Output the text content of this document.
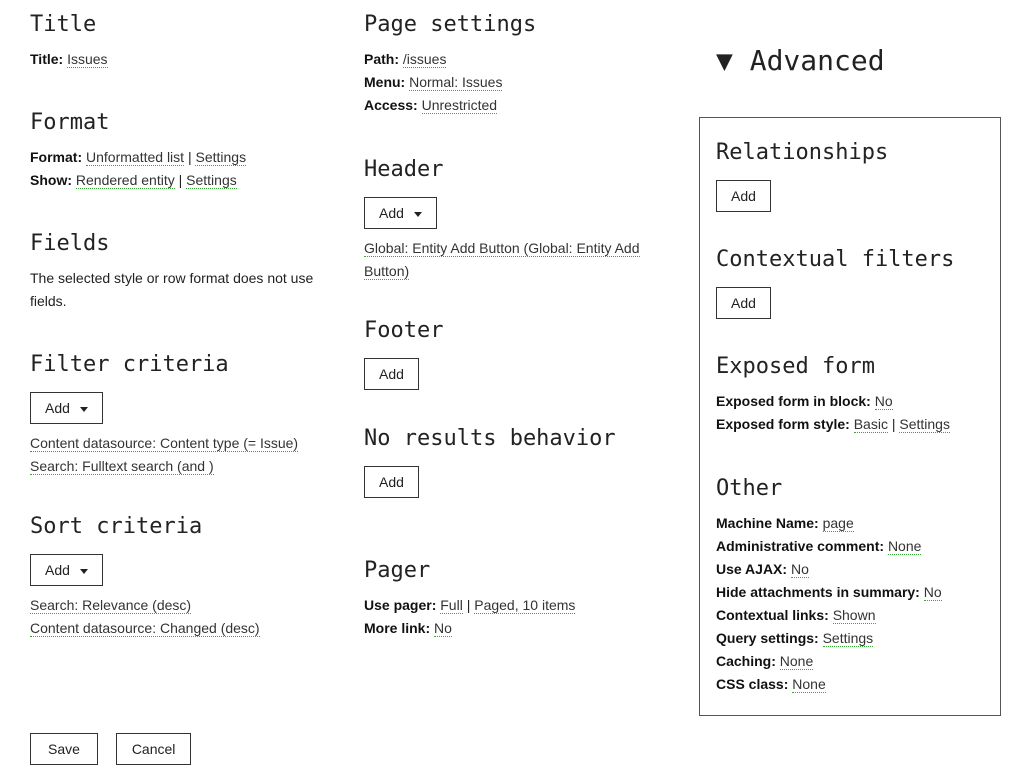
Title
Title: Issues
Format
Format: Unformatted list | Settings
Show: Rendered entity | Settings
Fields
The selected style or row format does not use fields.
Filter criteria
Add
Content datasource: Content type (= Issue)
Search: Fulltext search (and )
Sort criteria
Add
Search: Relevance (desc)
Content datasource: Changed (desc)
Save	Cancel
Page settings
Path: /issues
Menu: Normal: Issues
Access: Unrestricted
Header
Add
Global: Entity Add Button (Global: Entity Add Button)
Footer
Add
No results behavior
Add
Pager
Use pager: Full | Paged, 10 items
More link: No
▼ Advanced
Relationships
Add
Contextual filters
Add
Exposed form
Exposed form in block: No
Exposed form style: Basic | Settings
Other
Machine Name: page
Administrative comment: None
Use AJAX: No
Hide attachments in summary: No
Contextual links: Shown
Query settings: Settings
Caching: None
CSS class: None
